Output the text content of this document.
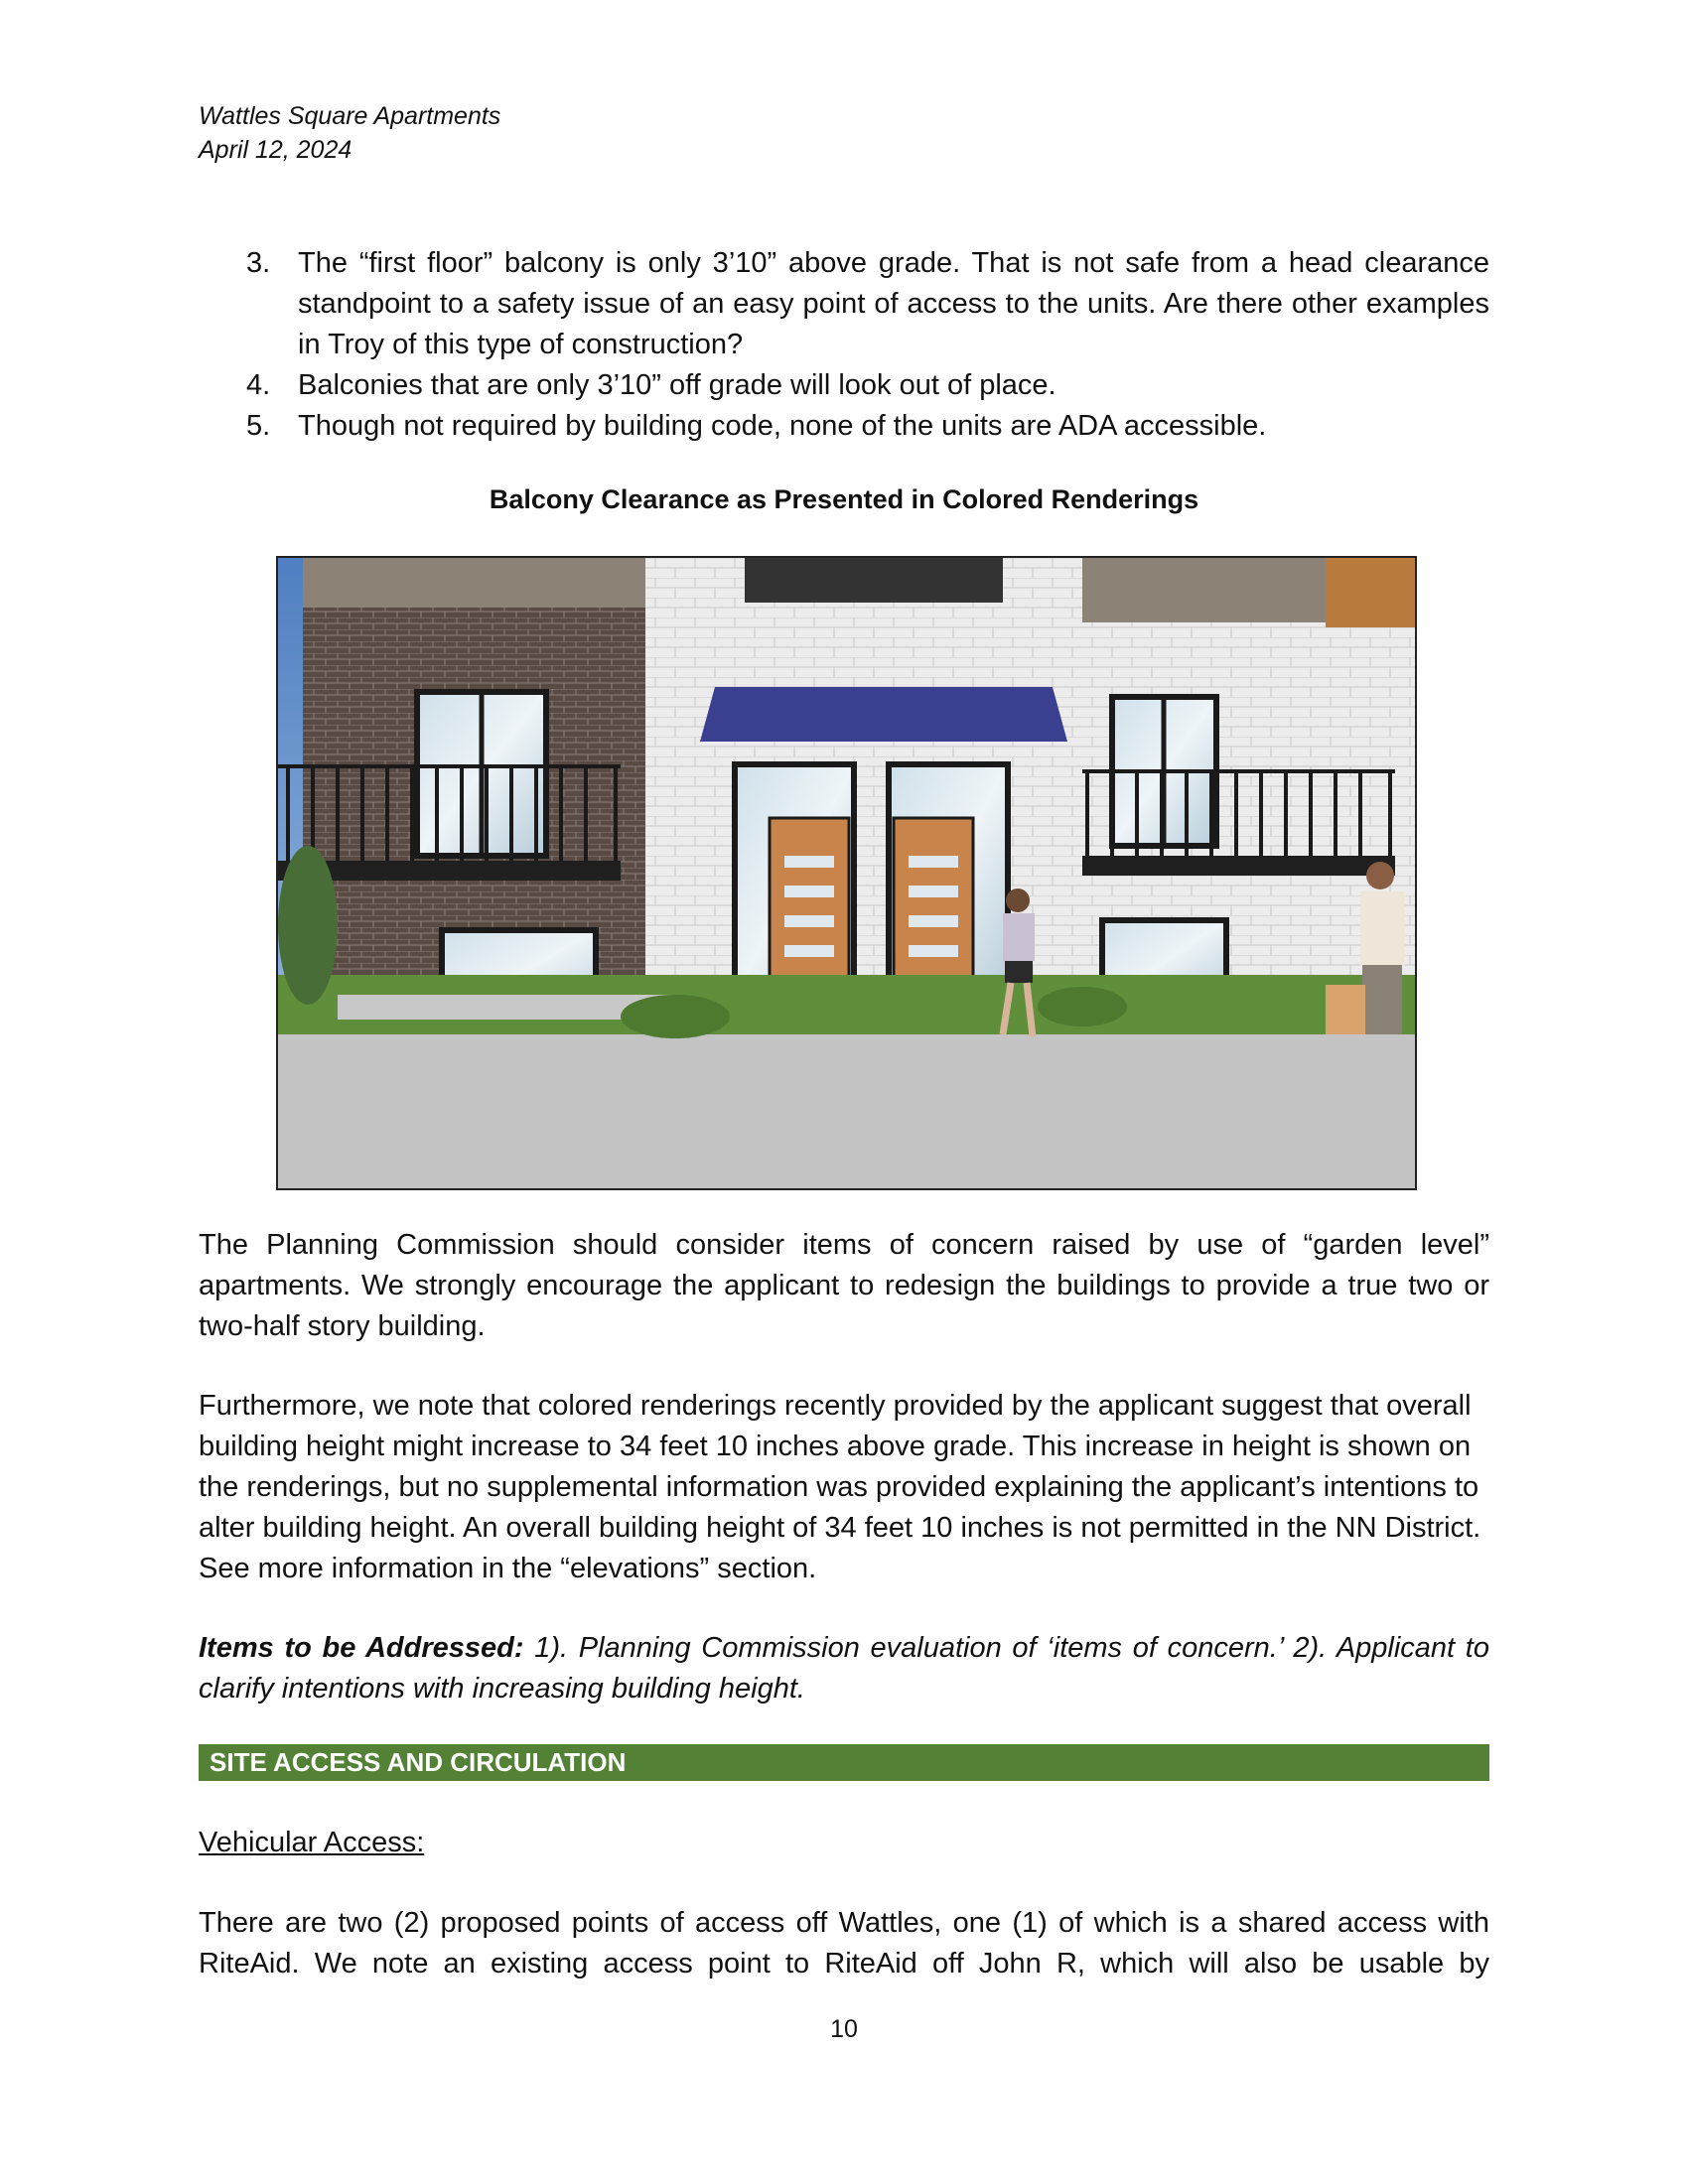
Wattles Square Apartments
April 12, 2024
3. The “first floor” balcony is only 3’10” above grade. That is not safe from a head clearance standpoint to a safety issue of an easy point of access to the units. Are there other examples in Troy of this type of construction?
4. Balconies that are only 3’10” off grade will look out of place.
5. Though not required by building code, none of the units are ADA accessible.
Balcony Clearance as Presented in Colored Renderings

The Planning Commission should consider items of concern raised by use of “garden level” apartments. We strongly encourage the applicant to redesign the buildings to provide a true two or two-half story building.

Furthermore, we note that colored renderings recently provided by the applicant suggest that overall building height might increase to 34 feet 10 inches above grade. This increase in height is shown on the renderings, but no supplemental information was provided explaining the applicant’s intentions to alter building height. An overall building height of 34 feet 10 inches is not permitted in the NN District. See more information in the “elevations” section.

Items to be Addressed: 1). Planning Commission evaluation of ‘items of concern.’ 2). Applicant to clarify intentions with increasing building height.

SITE ACCESS AND CIRCULATION
Vehicular Access:

There are two (2) proposed points of access off Wattles, one (1) of which is a shared access with
RiteAid. We note an existing access point to RiteAid off John R, which will also be usable by

10
